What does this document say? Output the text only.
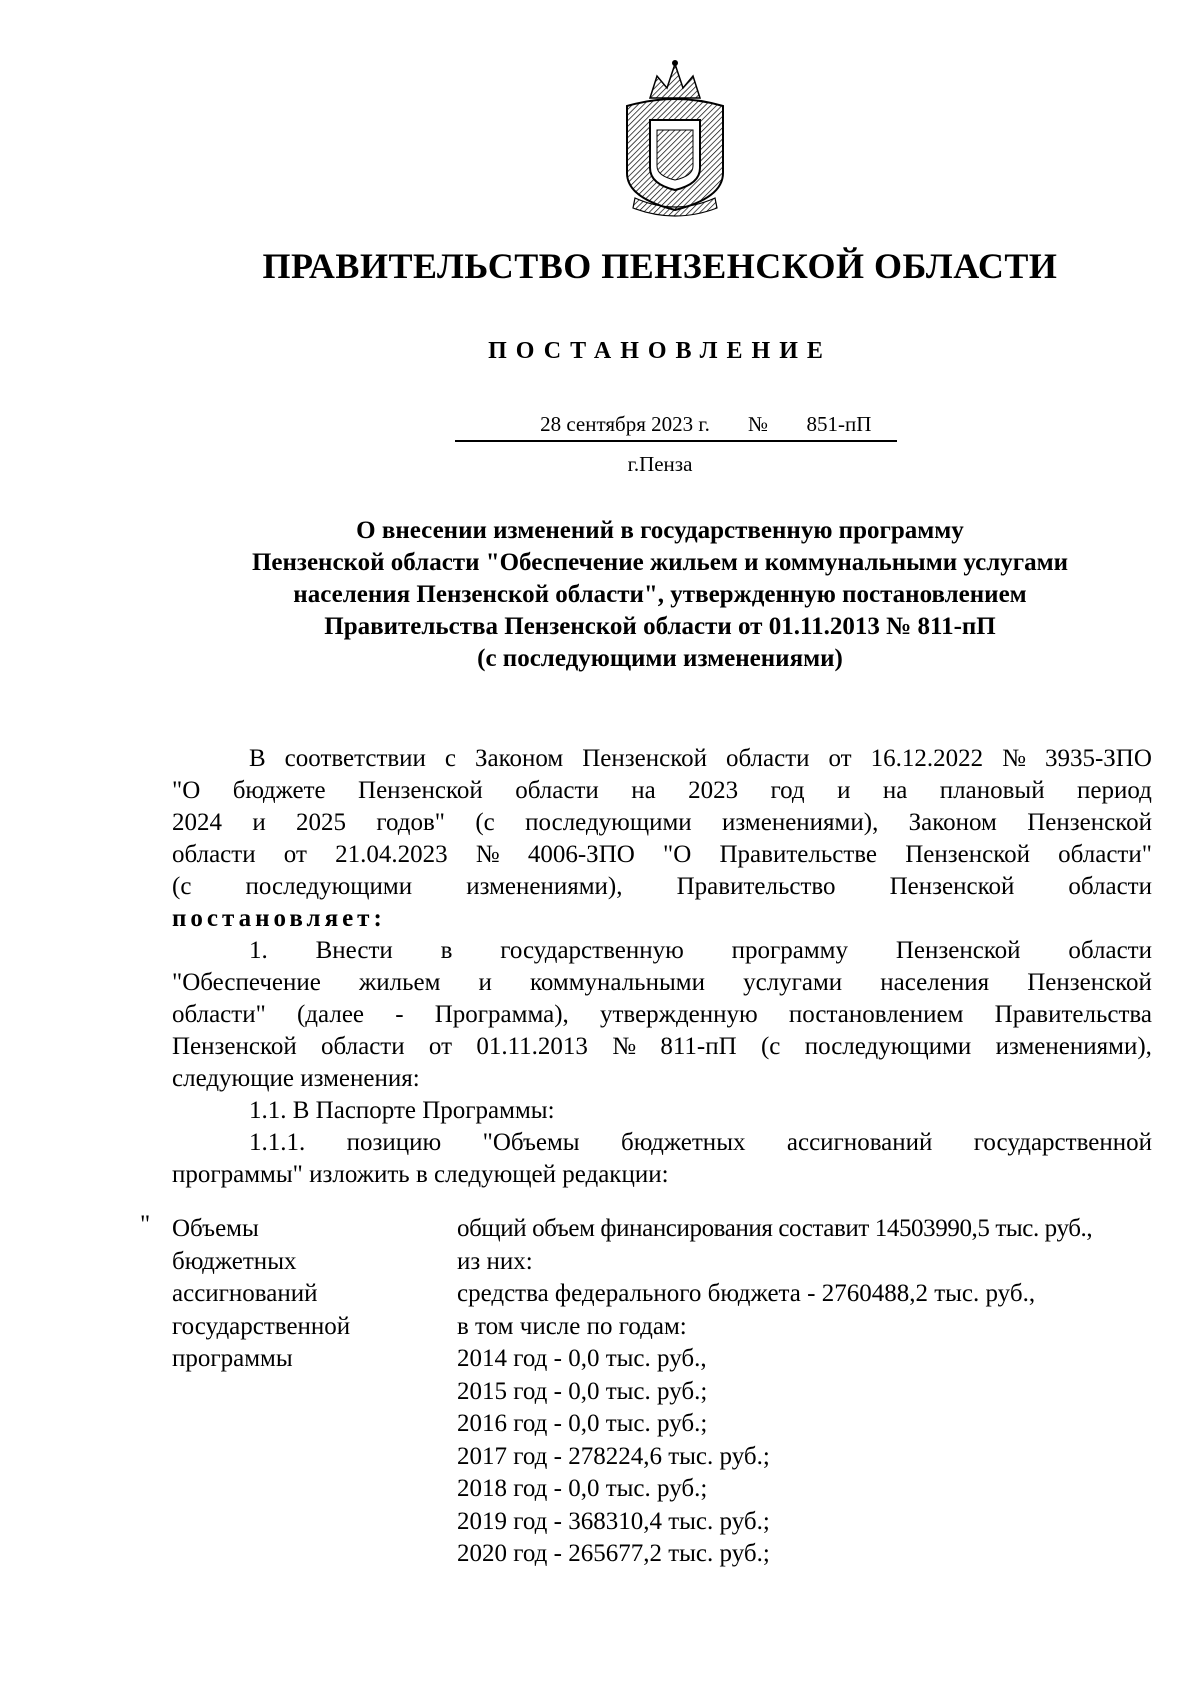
ПРАВИТЕЛЬСТВО ПЕНЗЕНСКОЙ ОБЛАСТИ
ПОСТАНОВЛЕНИЕ
28 сентября 2023 г.	№	851-пП
г.Пенза
О внесении изменений в государственную программу
Пензенской области "Обеспечение жильем и коммунальными услугами
населения Пензенской области", утвержденную постановлением
Правительства Пензенской области от 01.11.2013 № 811-пП
(с последующими изменениями)
В соответствии с Законом Пензенской области от 16.12.2022 № 3935-ЗПО
"О бюджете Пензенской области на 2023 год и на плановый период
2024 и 2025 годов" (с последующими изменениями), Законом Пензенской
области от 21.04.2023 № 4006-ЗПО "О Правительстве Пензенской области"
(с последующими изменениями), Правительство Пензенской области
постановляет:
1. Внести в государственную программу Пензенской области
"Обеспечение жильем и коммунальными услугами населения Пензенской
области" (далее - Программа), утвержденную постановлением Правительства
Пензенской области от 01.11.2013 № 811-пП (с последующими изменениями),
следующие изменения:
1.1. В Паспорте Программы:
1.1.1. позицию "Объемы бюджетных ассигнований государственной
программы" изложить в следующей редакции:
" Объемы
бюджетных
ассигнований
государственной
программы
общий объем финансирования составит 14503990,5 тыс. руб.,
из них:
средства федерального бюджета - 2760488,2 тыс. руб.,
в том числе по годам:
2014 год - 0,0 тыс. руб.,
2015 год - 0,0 тыс. руб.;
2016 год - 0,0 тыс. руб.;
2017 год - 278224,6 тыс. руб.;
2018 год - 0,0 тыс. руб.;
2019 год - 368310,4 тыс. руб.;
2020 год - 265677,2 тыс. руб.;
